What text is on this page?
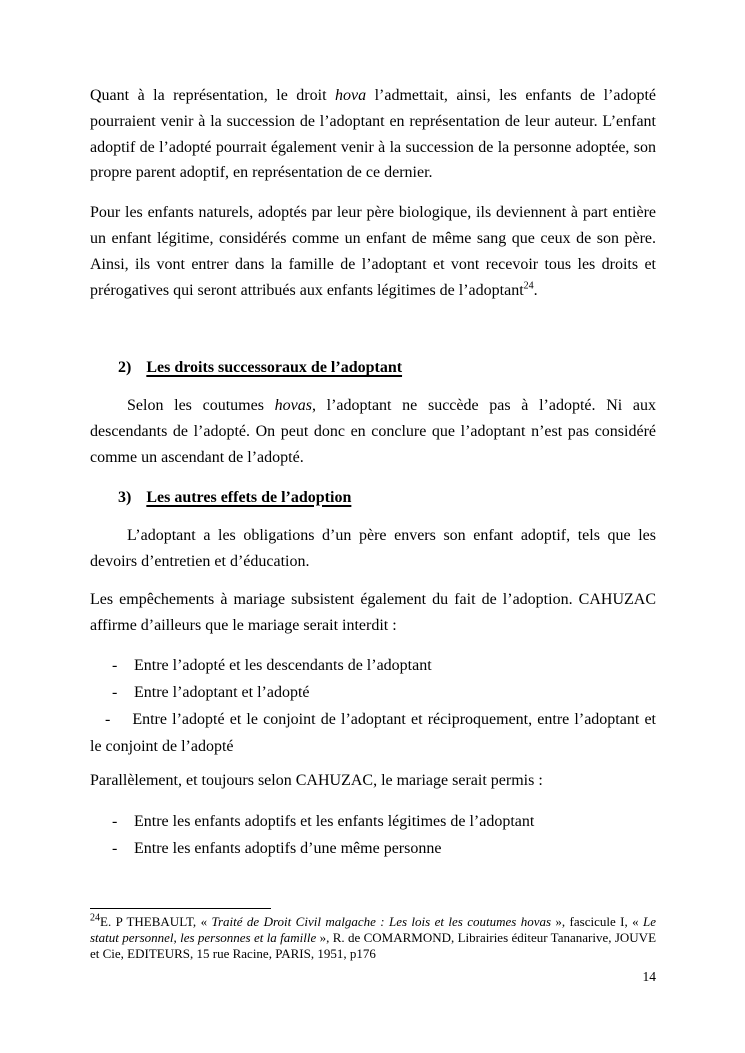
Quant à la représentation, le droit hova l’admettait, ainsi, les enfants de l’adopté pourraient venir à la succession de l’adoptant en représentation de leur auteur. L’enfant adoptif de l’adopté pourrait également venir à la succession de la personne adoptée, son propre parent adoptif, en représentation de ce dernier.

Pour les enfants naturels, adoptés par leur père biologique, ils deviennent à part entière un enfant légitime, considérés comme un enfant de même sang que ceux de son père. Ainsi, ils vont entrer dans la famille de l’adoptant et vont recevoir tous les droits et prérogatives qui seront attribués aux enfants légitimes de l’adoptant$^{24}$.

2) Les droits successoraux de l’adoptant

Selon les coutumes hovas, l’adoptant ne succède pas à l’adopté. Ni aux descendants de l’adopté. On peut donc en conclure que l’adoptant n’est pas considéré comme un ascendant de l’adopté.

3) Les autres effets de l’adoption

L’adoptant a les obligations d’un père envers son enfant adoptif, tels que les devoirs d’entretien et d’éducation.

Les empêchements à mariage subsistent également du fait de l’adoption. CAHUZAC affirme d’ailleurs que le mariage serait interdit :

- Entre l’adopté et les descendants de l’adoptant

- Entre l’adoptant et l’adopté

- Entre l’adopté et le conjoint de l’adoptant et réciproquement, entre l’adoptant et le conjoint de l’adopté

Parallèlement, et toujours selon CAHUZAC, le mariage serait permis :

- Entre les enfants adoptifs et les enfants légitimes de l’adoptant

- Entre les enfants adoptifs d’une même personne

$^{24}$E. P THEBAULT, « Traité de Droit Civil malgache : Les lois et les coutumes hovas », fascicule I, « Le statut personnel, les personnes et la famille », R. de COMARMOND, Librairies éditeur Tananarive, JOUVE et Cie, EDITEURS, 15 rue Racine, PARIS, 1951, p176

14
